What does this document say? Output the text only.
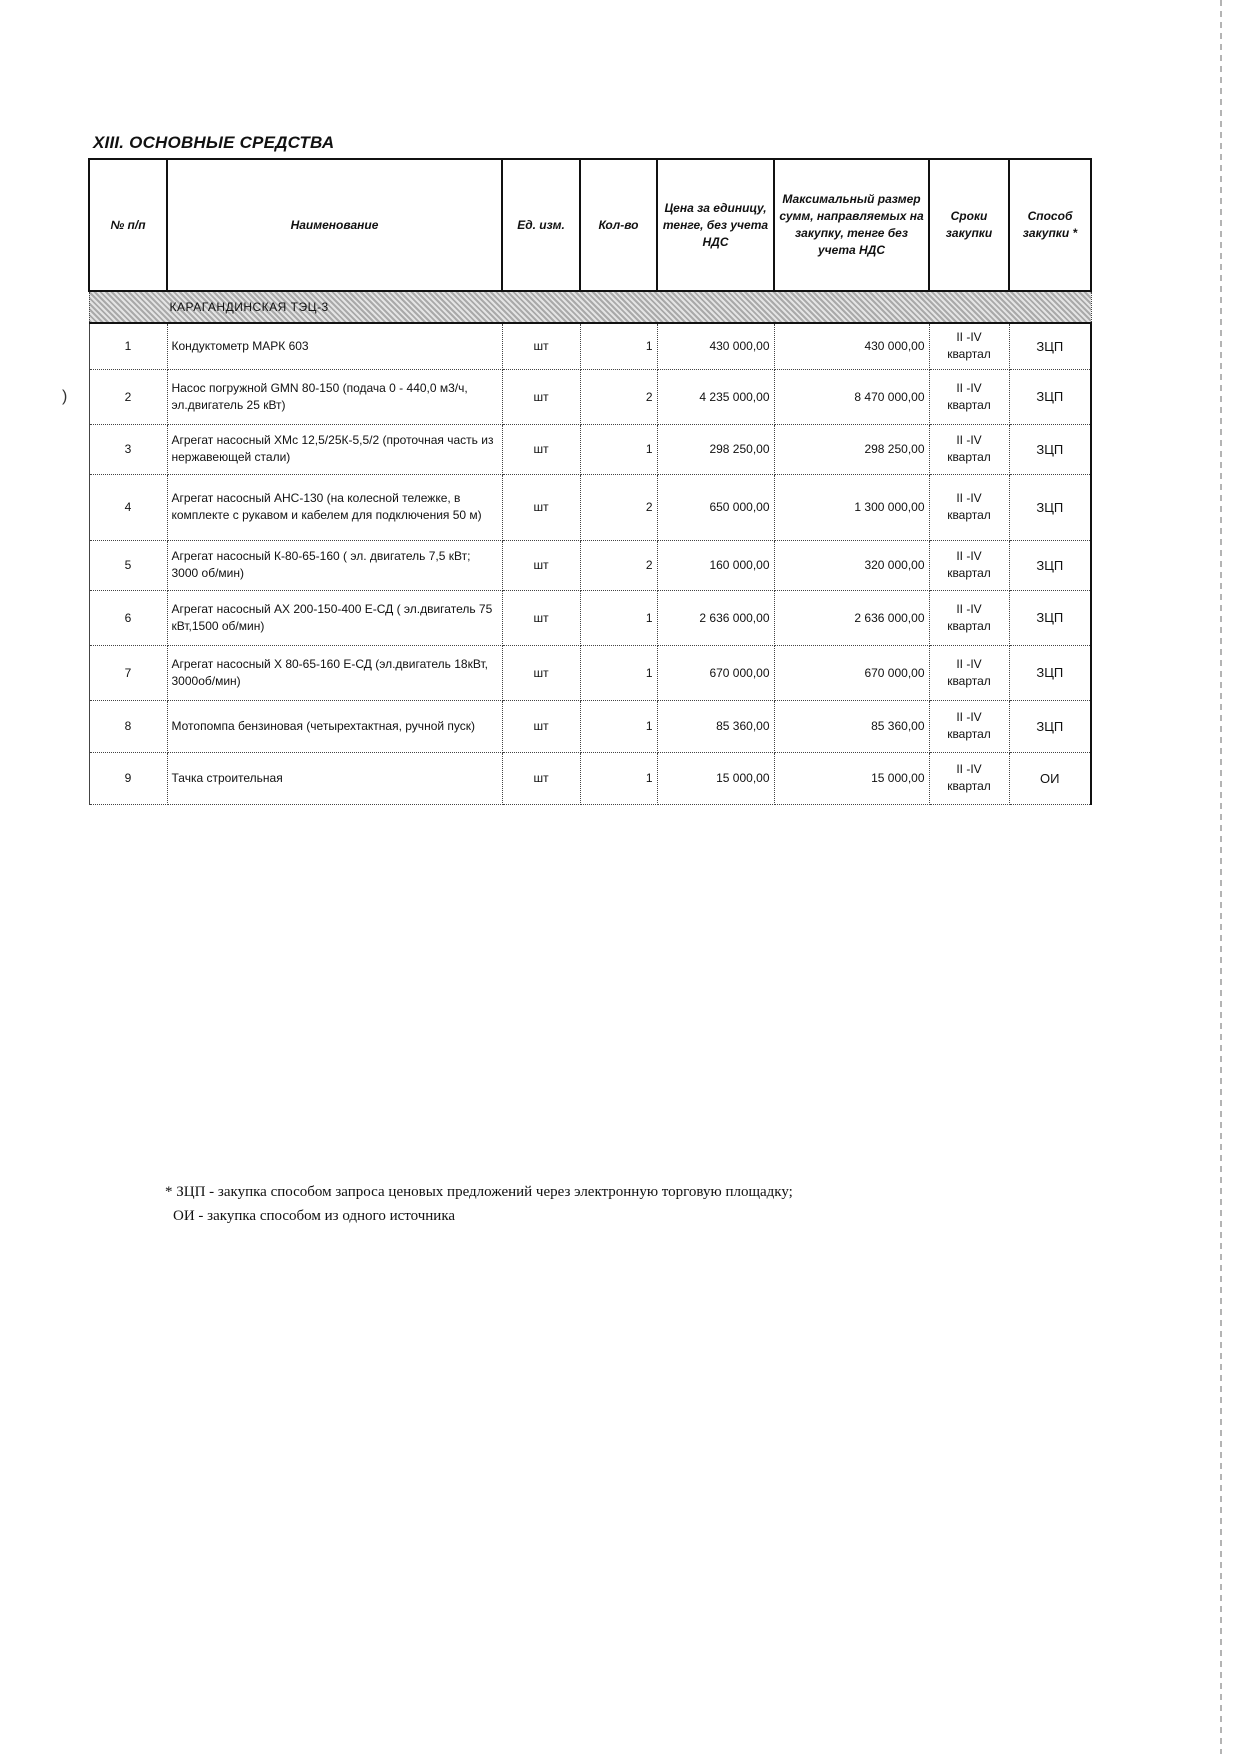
)
XIII. ОСНОВНЫЕ СРЕДСТВА
№ п/п	Наименование	Ед. изм.	Кол-во	Цена за единицу, тенге, без учета НДС	Максимальный размер сумм, направляемых на закупку, тенге без учета НДС	Сроки закупки	Способ закупки *
КАРАГАНДИНСКАЯ ТЭЦ-3							
1	Кондуктометр МАРК 603	шт	1	430 000,00	430 000,00	II -IV квартал	ЗЦП
2	Насос погружной GMN 80-150 (подача 0 - 440,0 м3/ч, эл.двигатель 25 кВт)	шт	2	4 235 000,00	8 470 000,00	II -IV квартал	ЗЦП
3	Агрегат насосный ХМс 12,5/25К-5,5/2 (проточная часть из нержавеющей стали)	шт	1	298 250,00	298 250,00	II -IV квартал	ЗЦП
4	Агрегат насосный АНС-130 (на колесной тележке, в комплекте с рукавом и кабелем для подключения 50 м)	шт	2	650 000,00	1 300 000,00	II -IV квартал	ЗЦП
5	Агрегат насосный К-80-65-160 ( эл. двигатель 7,5 кВт; 3000 об/мин)	шт	2	160 000,00	320 000,00	II -IV квартал	ЗЦП
6	Агрегат насосный АХ 200-150-400 Е-СД ( эл.двигатель 75 кВт,1500 об/мин)	шт	1	2 636 000,00	2 636 000,00	II -IV квартал	ЗЦП
7	Агрегат насосный Х 80-65-160 Е-СД (эл.двигатель 18кВт, 3000об/мин)	шт	1	670 000,00	670 000,00	II -IV квартал	ЗЦП
8	Мотопомпа бензиновая (четырехтактная, ручной пуск)	шт	1	85 360,00	85 360,00	II -IV квартал	ЗЦП
9	Тачка строительная	шт	1	15 000,00	15 000,00	II -IV квартал	ОИ
* ЗЦП - закупка способом запроса ценовых предложений через электронную торговую площадку;
ОИ - закупка способом из одного источника
